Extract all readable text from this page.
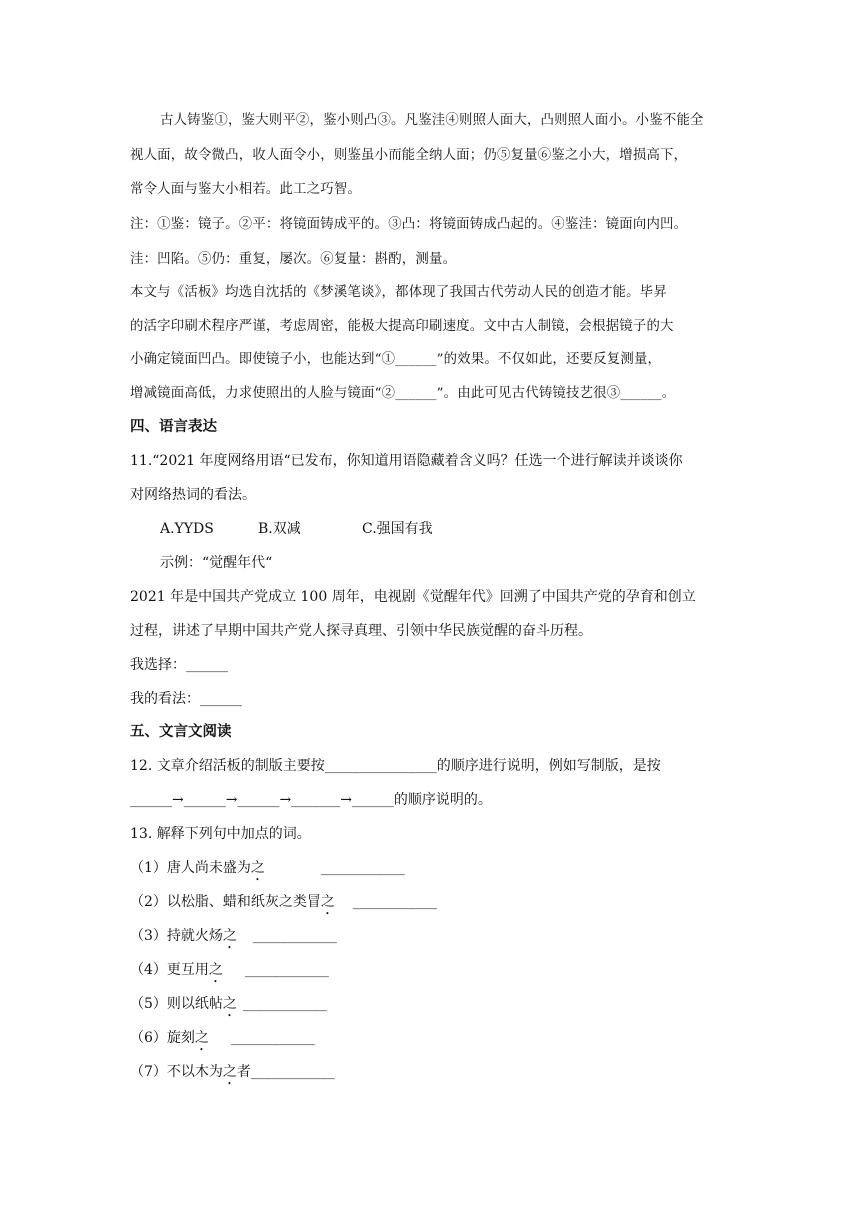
古人铸鉴①，鉴大则平②，鉴小则凸③。凡鉴洼④则照人面大，凸则照人面小。小鉴不能全
视人面，故令微凸，收人面令小，则鉴虽小而能全纳人面；仍⑤复量⑥鉴之小大，增损高下，
常令人面与鉴大小相若。此工之巧智。
注：①鉴：镜子。②平：将镜面铸成平的。③凸：将镜面铸成凸起的。④鉴洼：镜面向内凹。
洼：凹陷。⑤仍：重复，屡次。⑥复量：斟酌，测量。
本文与《活板》均选自沈括的《梦溪笔谈》，都体现了我国古代劳动人民的创造才能。毕昇
的活字印刷术程序严谨，考虑周密，能极大提高印刷速度。文中古人制镜，会根据镜子的大
小确定镜面凹凸。即使镜子小，也能达到“①______”的效果。不仅如此，还要反复测量，
增减镜面高低，力求使照出的人脸与镜面“②______”。由此可见古代铸镜技艺很③______。
四、语言表达
11.“2021 年度网络用语“已发布，你知道用语隐藏着含义吗？任选一个进行解读并谈谈你
对网络热词的看法。
A.YYDS	B.双减	C.强国有我
示例：“觉醒年代“
2021 年是中国共产党成立 100 周年，电视剧《觉醒年代》回溯了中国共产党的孕育和创立
过程，讲述了早期中国共产党人探寻真理、引领中华民族觉醒的奋斗历程。
我选择：______
我的看法：______
五、文言文阅读
12. 文章介绍活板的制版主要按________________的顺序进行说明，例如写制版，是按
______→______→______→_______→______的顺序说明的。
13. 解释下列句中加点的词。
（1）唐人尚未盛为之	____________
（2）以松脂、蜡和纸灰之类冒之 ____________
（3）持就火炀之 ____________
（4）更互用之 ____________
（5）则以纸帖之 ____________
（6）旋刻之 ____________
（7）不以木为之者____________
